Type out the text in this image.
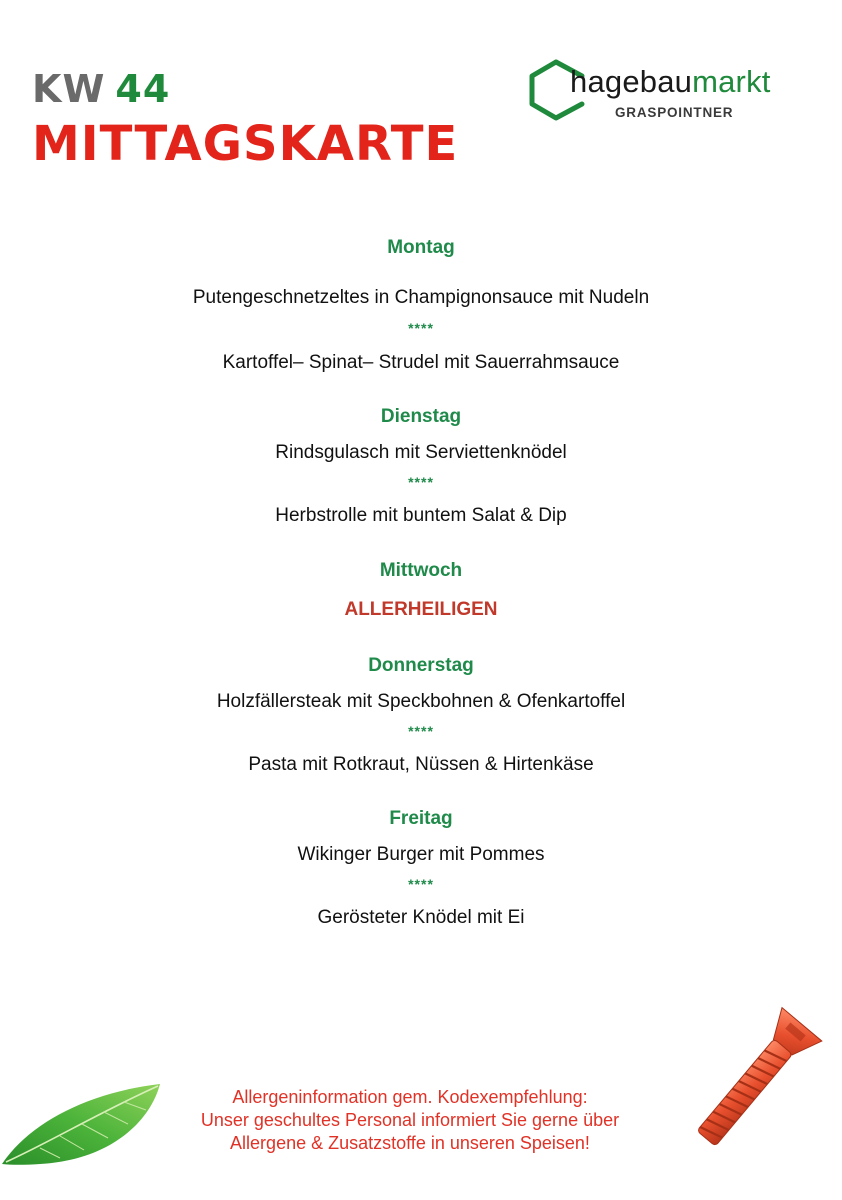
KW 44
MITTAGSKARTE
hagebaumarkt
GRASPOINTNER
Montag
Putengeschnetzeltes in Champignonsauce mit Nudeln
****
Kartoffel– Spinat– Strudel mit Sauerrahmsauce
Dienstag
Rindsgulasch mit Serviettenknödel
****
Herbstrolle mit buntem Salat & Dip
Mittwoch
ALLERHEILIGEN
Donnerstag
Holzfällersteak mit Speckbohnen & Ofenkartoffel
****
Pasta mit Rotkraut, Nüssen & Hirtenkäse
Freitag
Wikinger Burger mit Pommes
****
Gerösteter Knödel mit Ei
Allergeninformation gem. Kodexempfehlung:
Unser geschultes Personal informiert Sie gerne über
Allergene & Zusatzstoffe in unseren Speisen!
